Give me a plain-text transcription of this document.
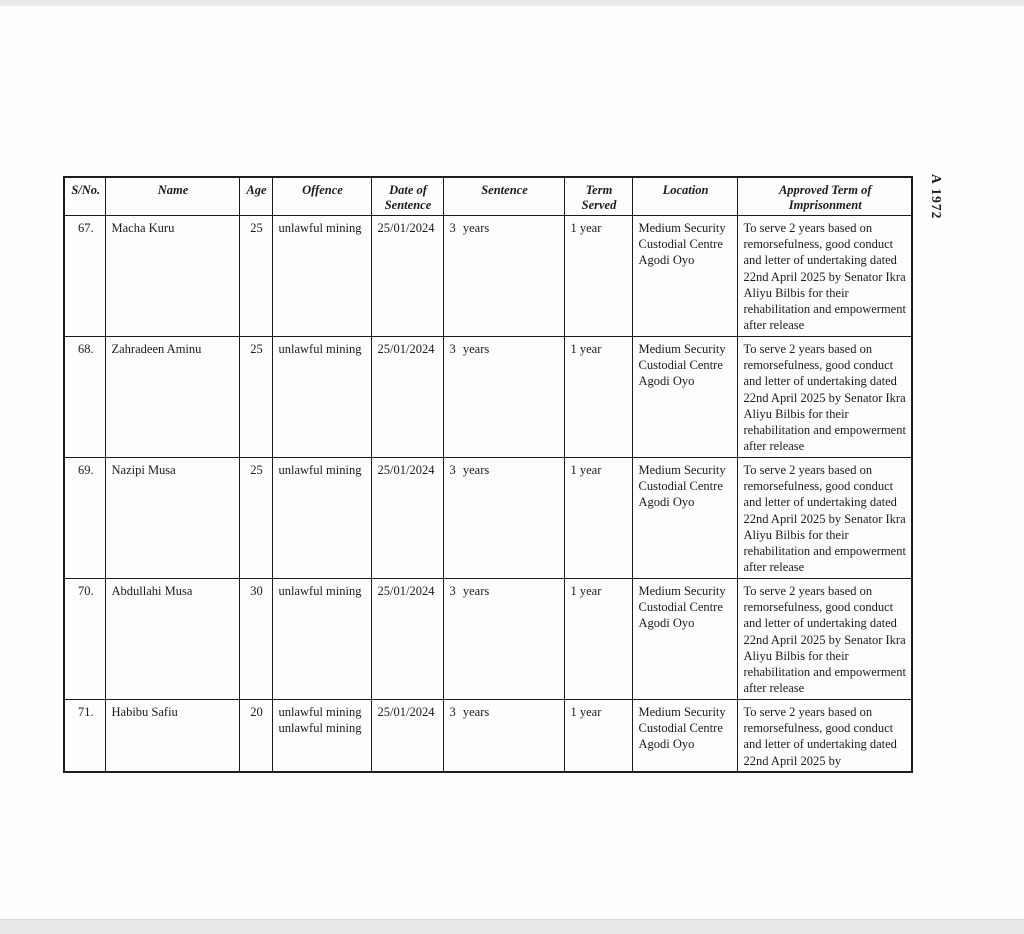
S/No.	Name	Age	Offence	Date of Sentence	Sentence	Term Served	Location	Approved Term of Imprisonment
67.	Macha Kuru	25	unlawful mining	25/01/2024	3 years	1 year	Medium Security Custodial Centre Agodi Oyo	To serve 2 years based on remorsefulness, good conduct and letter of undertaking dated 22nd April 2025 by Senator Ikra Aliyu Bilbis for their rehabilitation and empowerment after release
68.	Zahradeen Aminu	25	unlawful mining	25/01/2024	3 years	1 year	Medium Security Custodial Centre Agodi Oyo	To serve 2 years based on remorsefulness, good conduct and letter of undertaking dated 22nd April 2025 by Senator Ikra Aliyu Bilbis for their rehabilitation and empowerment after release
69.	Nazipi Musa	25	unlawful mining	25/01/2024	3 years	1 year	Medium Security Custodial Centre Agodi Oyo	To serve 2 years based on remorsefulness, good conduct and letter of undertaking dated 22nd April 2025 by Senator Ikra Aliyu Bilbis for their rehabilitation and empowerment after release
70.	Abdullahi Musa	30	unlawful mining	25/01/2024	3 years	1 year	Medium Security Custodial Centre Agodi Oyo	To serve 2 years based on remorsefulness, good conduct and letter of undertaking dated 22nd April 2025 by Senator Ikra Aliyu Bilbis for their rehabilitation and empowerment after release
71.	Habibu Safiu	20	unlawful mining unlawful mining	25/01/2024	3 years	1 year	Medium Security Custodial Centre Agodi Oyo	To serve 2 years based on remorsefulness, good conduct and letter of undertaking dated 22nd April 2025 by
A 1972
